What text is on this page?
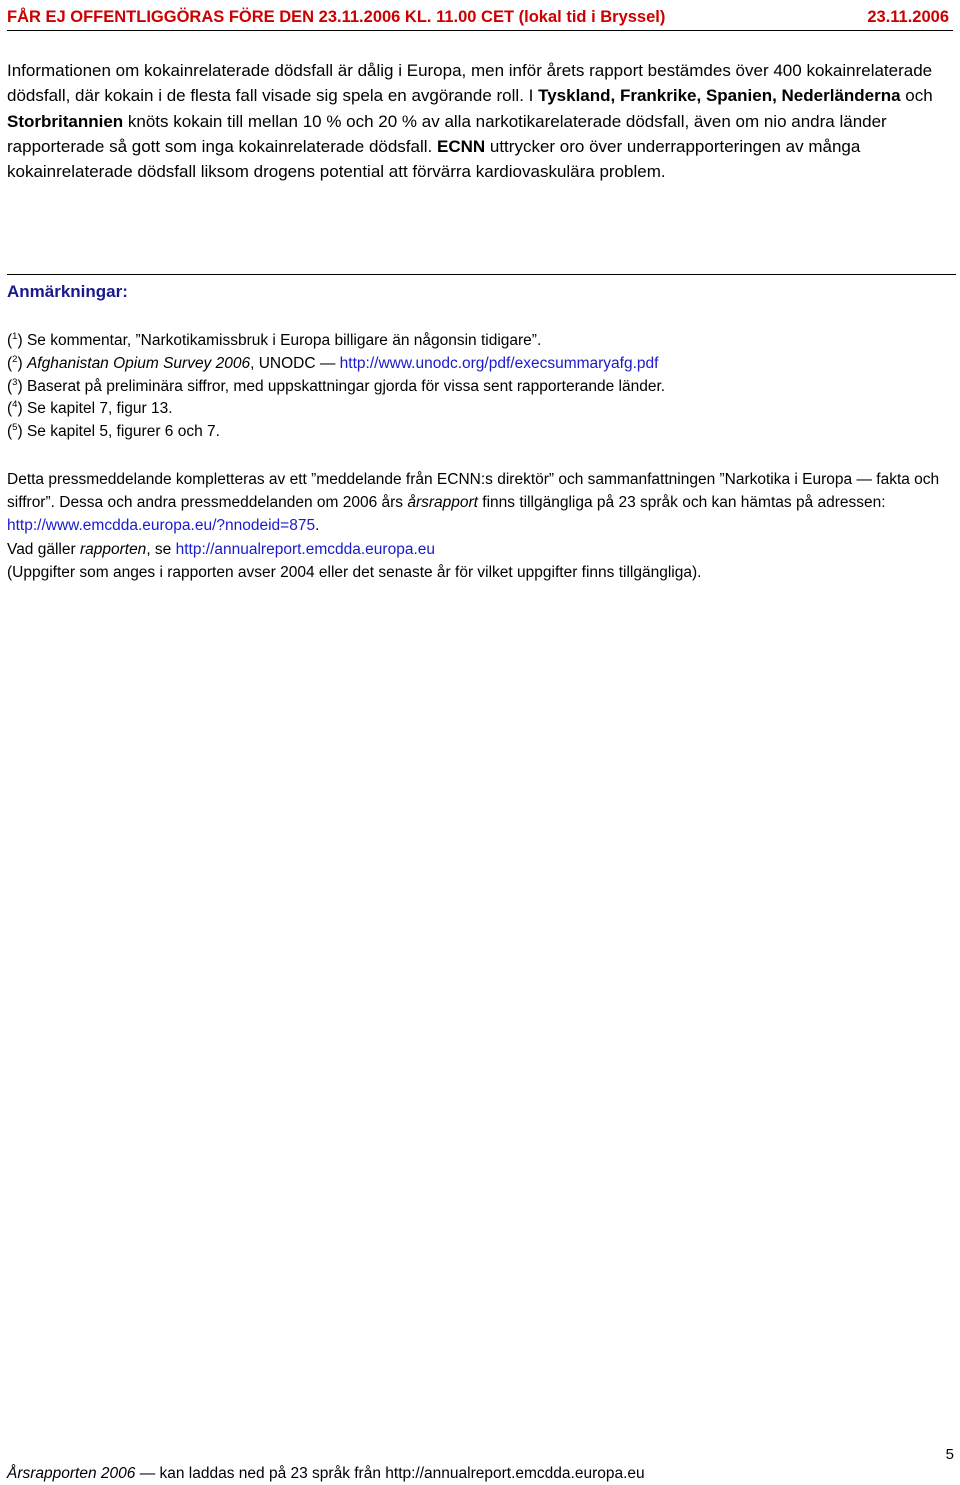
FÅR EJ OFFENTLIGGÖRAS FÖRE DEN 23.11.2006 KL. 11.00 CET (lokal tid i Bryssel)	23.11.2006
Informationen om kokainrelaterade dödsfall är dålig i Europa, men inför årets rapport bestämdes över 400 kokainrelaterade dödsfall, där kokain i de flesta fall visade sig spela en avgörande roll. I Tyskland, Frankrike, Spanien, Nederländerna och Storbritannien knöts kokain till mellan 10 % och 20 % av alla narkotikarelaterade dödsfall, även om nio andra länder rapporterade så gott som inga kokainrelaterade dödsfall. ECNN uttrycker oro över underrapporteringen av många kokainrelaterade dödsfall liksom drogens potential att förvärra kardiovaskulära problem.
Anmärkningar:
($^1$) Se kommentar, ”Narkotikamissbruk i Europa billigare än någonsin tidigare”.
($^2$) Afghanistan Opium Survey 2006, UNODC — http://www.unodc.org/pdf/execsummaryafg.pdf
($^3$) Baserat på preliminära siffror, med uppskattningar gjorda för vissa sent rapporterande länder.
($^4$) Se kapitel 7, figur 13.
($^5$) Se kapitel 5, figurer 6 och 7.
Detta pressmeddelande kompletteras av ett ”meddelande från ECNN:s direktör” och sammanfattningen ”Narkotika i Europa — fakta och siffror”. Dessa och andra pressmeddelanden om 2006 års årsrapport finns tillgängliga på 23 språk och kan hämtas på adressen: http://www.emcdda.europa.eu/?nnodeid=875.
Vad gäller rapporten, se http://annualreport.emcdda.europa.eu
(Uppgifter som anges i rapporten avser 2004 eller det senaste år för vilket uppgifter finns tillgängliga).
5
Årsrapporten 2006 — kan laddas ned på 23 språk från http://annualreport.emcdda.europa.eu
